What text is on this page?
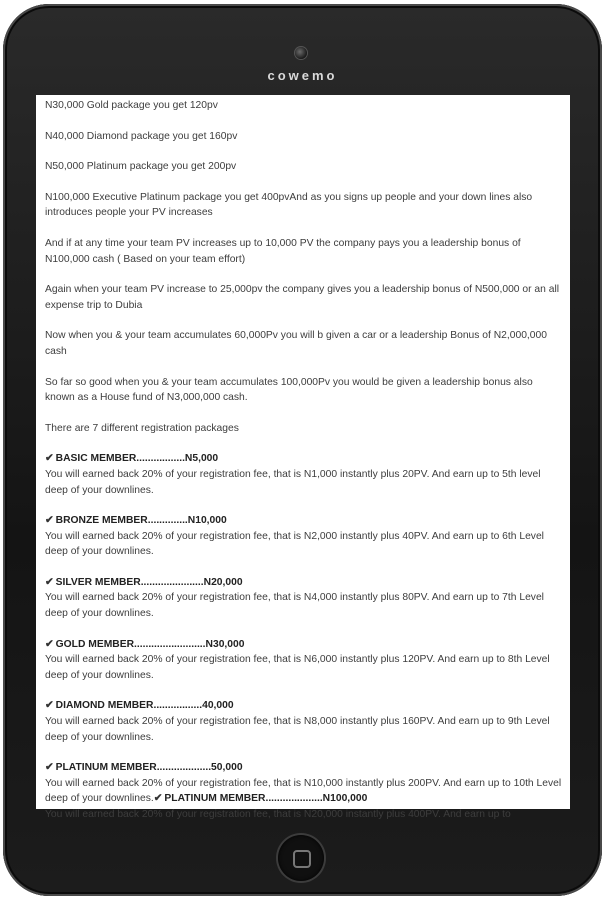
cowemo

N30,000 Gold package you get 120pv

N40,000 Diamond package you get 160pv

N50,000 Platinum package you get 200pv

N100,000 Executive Platinum package you get 400pvAnd as you signs up people and your down lines also introduces people your PV increases

And if at any time your team PV increases up to 10,000 PV the company pays you a leadership bonus of N100,000 cash ( Based on your team effort)

Again when your team PV increase to 25,000pv the company gives you a leadership bonus of N500,000 or an all expense trip to Dubia

Now when you & your team accumulates 60,000Pv you will b given a car or a leadership Bonus of N2,000,000 cash

So far so good when you & your team accumulates 100,000Pv you would be given a leadership bonus also known as a House fund of N3,000,000 cash.

There are 7 different registration packages

✔ BASIC MEMBER.................N5,000
You will earned back 20% of your registration fee, that is N1,000 instantly plus 20PV. And earn up to 5th level deep of your downlines.
✔ BRONZE MEMBER..............N10,000
You will earned back 20% of your registration fee, that is N2,000 instantly plus 40PV. And earn up to 6th Level deep of your downlines.
✔ SILVER MEMBER......................N20,000
You will earned back 20% of your registration fee, that is N4,000 instantly plus 80PV. And earn up to 7th Level deep of your downlines.
✔ GOLD MEMBER.........................N30,000
You will earned back 20% of your registration fee, that is N6,000 instantly plus 120PV. And earn up to 8th Level deep of your downlines.
✔ DIAMOND MEMBER.................40,000
You will earned back 20% of your registration fee, that is N8,000 instantly plus 160PV. And earn up to 9th Level deep of your downlines.
✔ PLATINUM MEMBER...................50,000
You will earned back 20% of your registration fee, that is N10,000 instantly plus 200PV. And earn up to 10th Level deep of your downlines.✔ PLATINUM MEMBER....................N100,000
You will earned back 20% of your registration fee, that is N20,000 instantly plus 400PV. And earn up to
